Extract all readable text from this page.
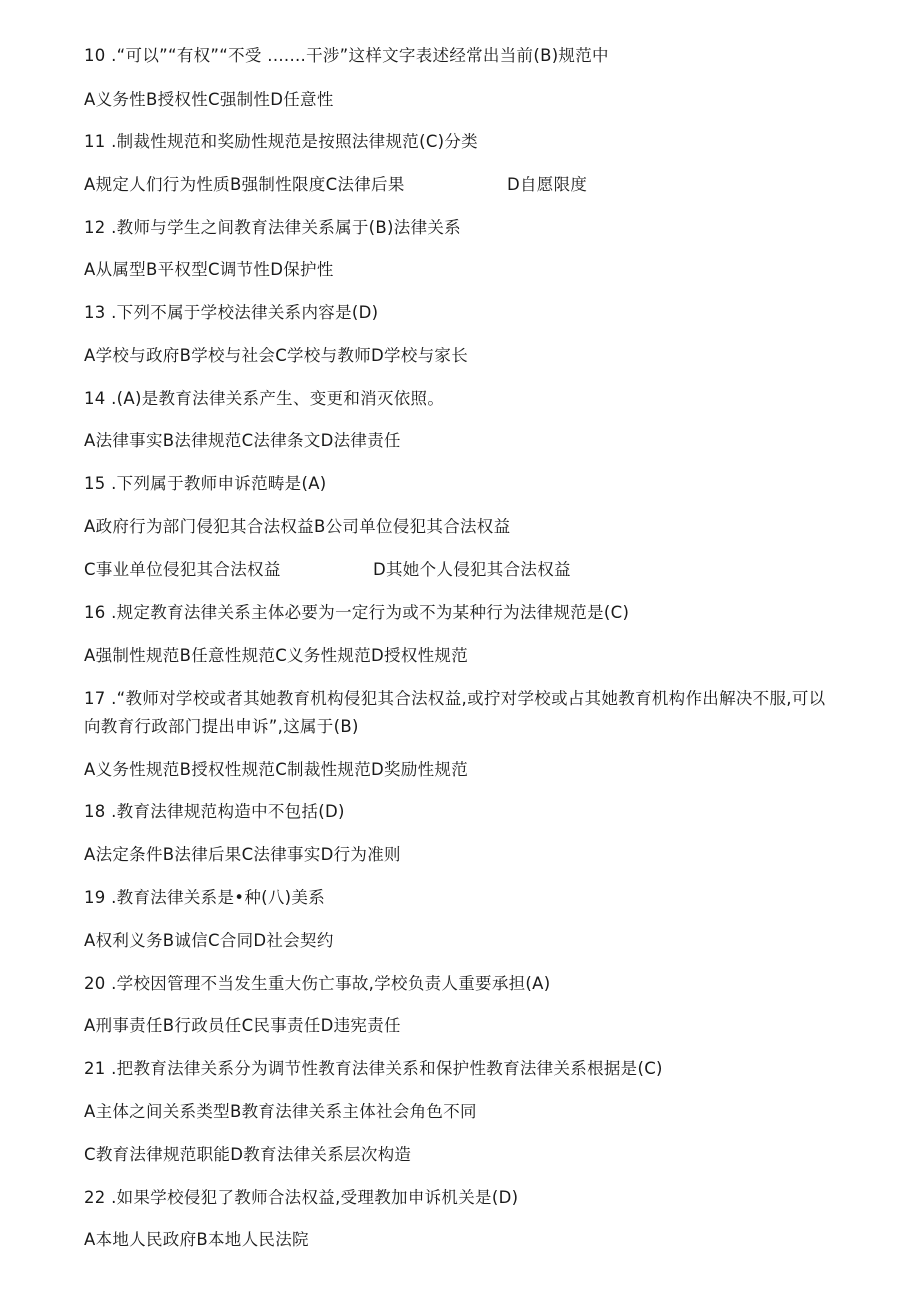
10 .“可以”“有权”“不受 .......干涉”这样文字表述经常出当前(B)规范中
A义务性B授权性C强制性D任意性
11 .制裁性规范和奖励性规范是按照法律规范(C)分类
A规定人们行为性质B强制性限度C法律后果	D自愿限度
12 .教师与学生之间教育法律关系属于(B)法律关系
A从属型B平权型C调节性D保护性
13 .下列不属于学校法律关系内容是(D)
A学校与政府B学校与社会C学校与教师D学校与家长
14 .(A)是教育法律关系产生、变更和消灭依照。
A法律事实B法律规范C法律条文D法律责任
15 .下列属于教师申诉范畴是(A)
A政府行为部门侵犯其合法权益B公司单位侵犯其合法权益
C事业单位侵犯其合法权益	D其她个人侵犯其合法权益
16 .规定教育法律关系主体必要为一定行为或不为某种行为法律规范是(C)
A强制性规范B任意性规范C义务性规范D授权性规范
17 .“教师对学校或者其她教育机构侵犯其合法权益,或拧对学校或占其她教育机构作出解决不服,可以向教育行政部门提出申诉”,这属于(B)
A义务性规范B授权性规范C制裁性规范D奖励性规范
18 .教育法律规范构造中不包括(D)
A法定条件B法律后果C法律事实D行为准则
19 .教育法律关系是•种(八)美系
A权利义务B诚信C合同D社会契约
20 .学校因管理不当发生重大伤亡事故,学校负责人重要承担(A)
A刑事责任B行政员任C民事责任D违宪责任
21 .把教育法律关系分为调节性教育法律关系和保护性教育法律关系根据是(C)
A主体之间关系类型B教育法律关系主体社会角色不同
C教育法律规范职能D教育法律关系层次构造
22 .如果学校侵犯了教师合法权益,受理教加申诉机关是(D)
A本地人民政府B本地人民法院
